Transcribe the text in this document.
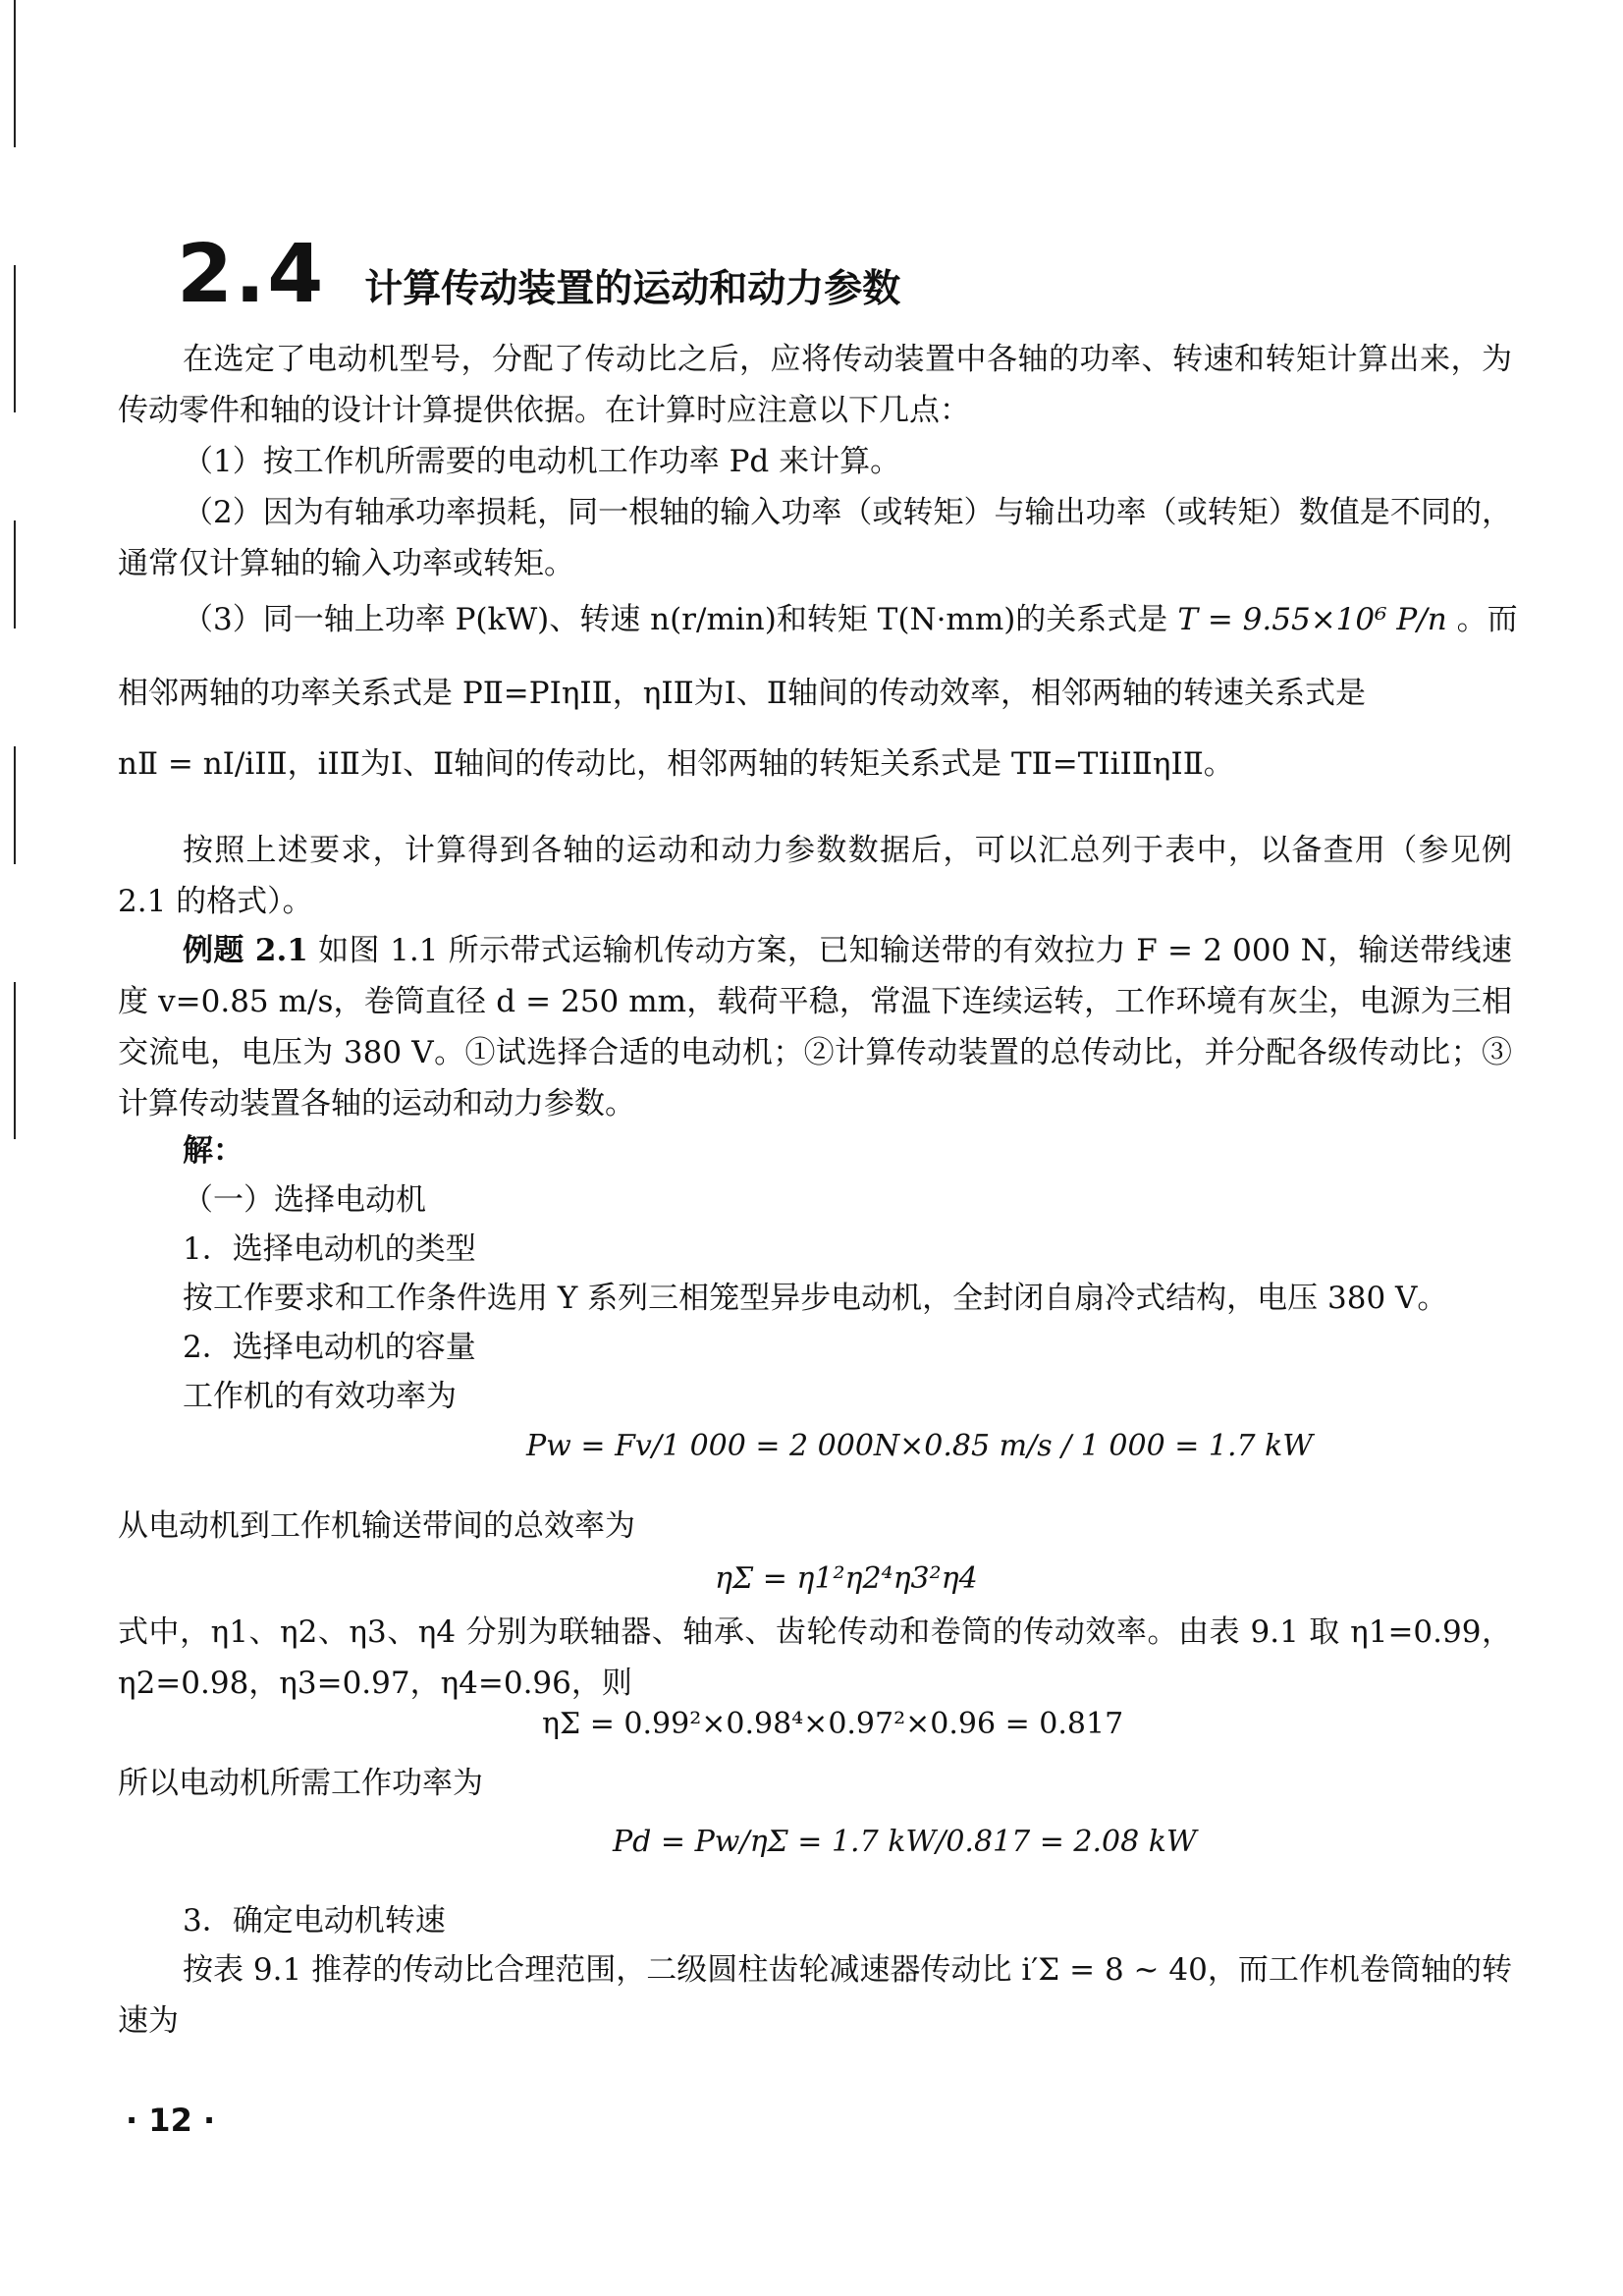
2.4 计算传动装置的运动和动力参数

在选定了电动机型号，分配了传动比之后，应将传动装置中各轴的功率、转速和转矩计算出来，为传动零件和轴的设计计算提供依据。在计算时应注意以下几点：

（1）按工作机所需要的电动机工作功率 Pd 来计算。

（2）因为有轴承功率损耗，同一根轴的输入功率（或转矩）与输出功率（或转矩）数值是不同的，通常仅计算轴的输入功率或转矩。

（3）同一轴上功率 P(kW)、转速 n(r/min)和转矩 T(N·mm)的关系式是 T = 9.55×10⁶ P/n 。而

相邻两轴的功率关系式是 PⅡ=PⅠηⅠⅡ，ηⅠⅡ为Ⅰ、Ⅱ轴间的传动效率，相邻两轴的转速关系式是

nⅡ = nⅠ/iⅠⅡ，iⅠⅡ为Ⅰ、Ⅱ轴间的传动比，相邻两轴的转矩关系式是 TⅡ=TⅠiⅠⅡηⅠⅡ。

按照上述要求，计算得到各轴的运动和动力参数数据后，可以汇总列于表中，以备查用（参见例 2.1 的格式）。

例题 2.1 如图 1.1 所示带式运输机传动方案，已知输送带的有效拉力 F = 2 000 N，输送带线速度 v=0.85 m/s，卷筒直径 d = 250 mm，载荷平稳，常温下连续运转，工作环境有灰尘，电源为三相交流电，电压为 380 V。①试选择合适的电动机；②计算传动装置的总传动比，并分配各级传动比；③计算传动装置各轴的运动和动力参数。

解：

（一）选择电动机

1．选择电动机的类型

按工作要求和工作条件选用 Y 系列三相笼型异步电动机，全封闭自扇冷式结构，电压 380 V。

2．选择电动机的容量

工作机的有效功率为

Pw = Fv/1 000 = 2 000N×0.85 m/s / 1 000 = 1.7 kW

从电动机到工作机输送带间的总效率为

ηΣ = η1²η2⁴η3²η4

式中，η1、η2、η3、η4 分别为联轴器、轴承、齿轮传动和卷筒的传动效率。由表 9.1 取 η1=0.99，η2=0.98，η3=0.97，η4=0.96，则

ηΣ = 0.99²×0.98⁴×0.97²×0.96 = 0.817

所以电动机所需工作功率为

Pd = Pw/ηΣ = 1.7 kW/0.817 = 2.08 kW

3．确定电动机转速

按表 9.1 推荐的传动比合理范围，二级圆柱齿轮减速器传动比 i′Σ = 8 ~ 40，而工作机卷筒轴的转速为

· 12 ·
